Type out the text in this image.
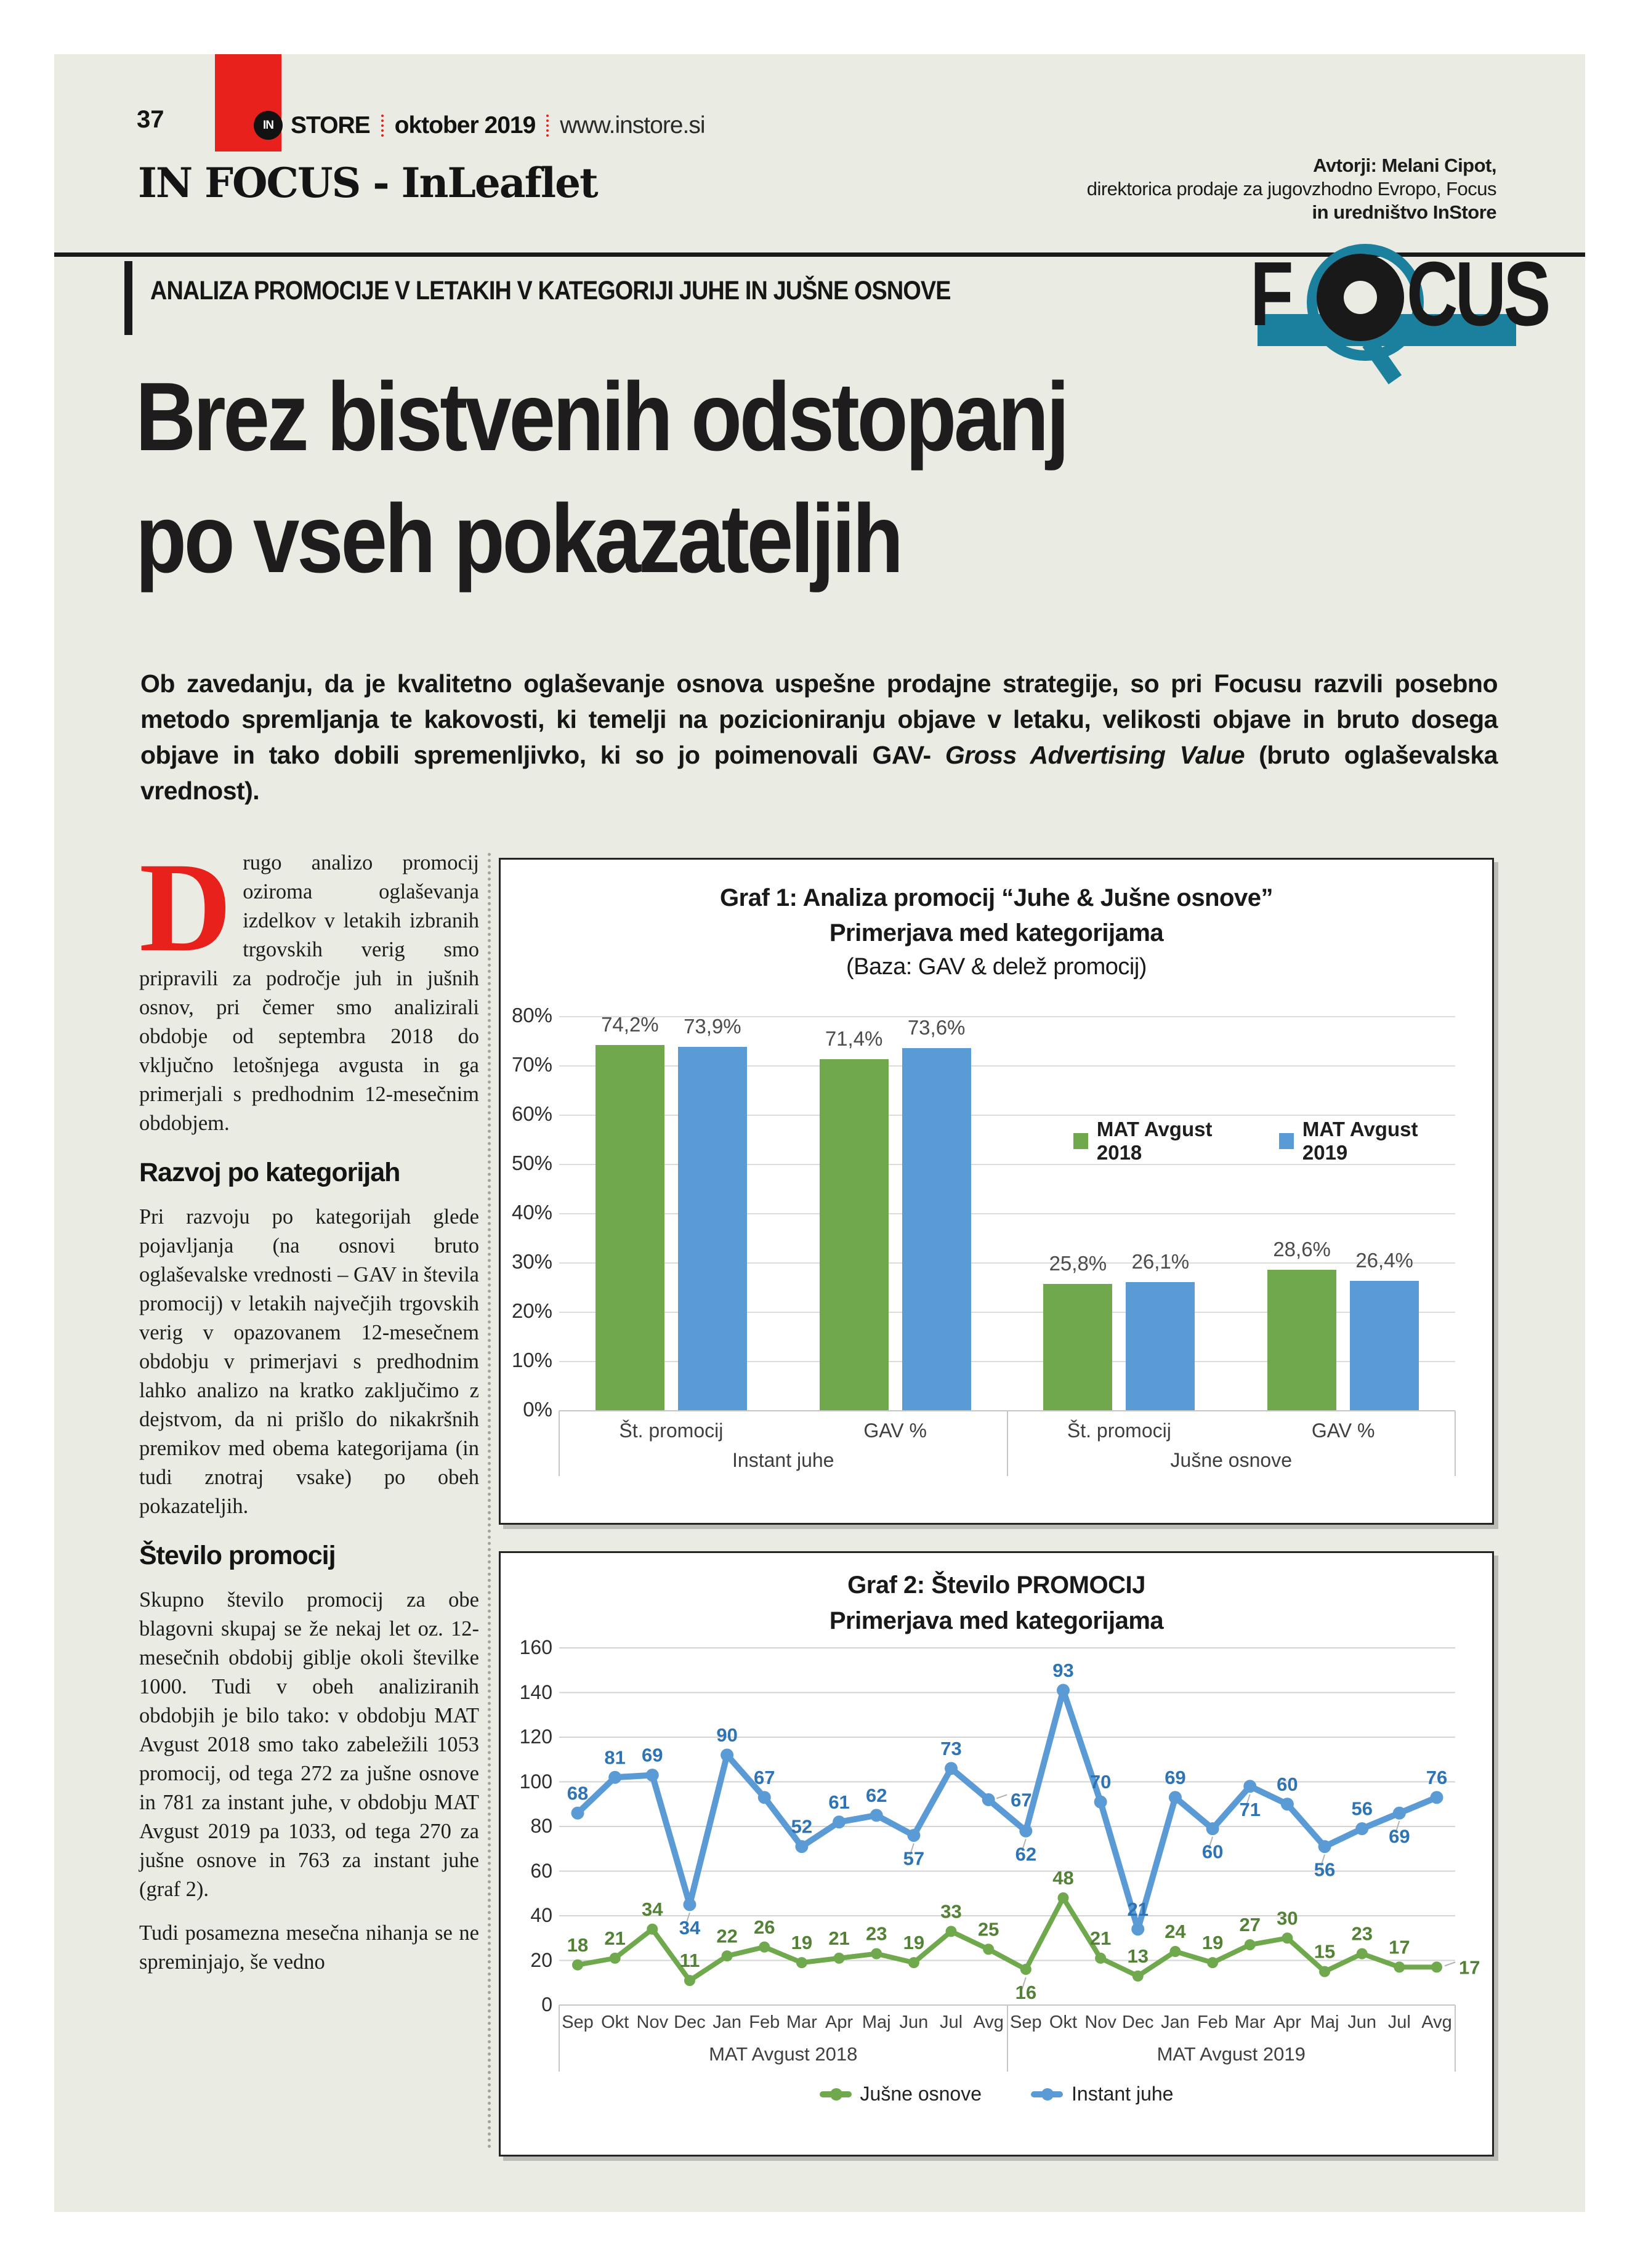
37	IN STORE oktober 2019 www.instore.si
IN FOCUS - InLeaflet	Avtorji: Melani Cipot,
direktorica prodaje za jugovzhodno Evropo, Focus
in uredništvo InStore
ANALIZA PROMOCIJE V LETAKIH V KATEGORIJI JUHE IN JUŠNE OSNOVE	F CUS
Brez bistvenih odstopanj
po vseh pokazateljih

Ob zavedanju, da je kvalitetno oglaševanje osnova uspešne prodajne strategije, so pri Focusu razvili posebno metodo spremljanja te kakovosti, ki temelji na pozicioniranju objave v letaku, velikosti objave in bruto dosega objave in tako dobili spremenljivko, ki so jo poimenovali GAV- Gross Advertising Value (bruto oglaševalska vrednost).

Drugo analizo promocij oziroma oglaševanja izdelkov v letakih izbranih trgovskih verig smo pripravili za področje juh in jušnih osnov, pri čemer smo analizirali obdobje od septembra 2018 do vključno letošnjega avgusta in ga primerjali s predhodnim 12-mesečnim obdobjem.

Razvoj po kategorijah

Pri razvoju po kategorijah glede pojavljanja (na osnovi bruto oglaševalske vrednosti – GAV in števila promocij) v letakih največjih trgovskih verig v opazovanem 12-mesečnem obdobju v primerjavi s predhodnim lahko analizo na kratko zaključimo z dejstvom, da ni prišlo do nikakršnih premikov med obema kategorijama (in tudi znotraj vsake) po obeh pokazateljih.

Število promocij

Skupno število promocij za obe blagovni skupaj se že nekaj let oz. 12-mesečnih obdobij giblje okoli številke 1000. Tudi v obeh analiziranih obdobjih je bilo tako: v obdobju MAT Avgust 2018 smo tako zabeležili 1053 promocij, od tega 272 za jušne osnove in 781 za instant juhe, v obdobju MAT Avgust 2019 pa 1033, od tega 270 za jušne osnove in 763 za instant juhe (graf 2).

Tudi posamezna mesečna nihanja se ne spreminjajo, še vedno

Graf 1: Analiza promocij “Juhe & Jušne osnove”
Primerjava med kategorijama
(Baza: GAV & delež promocij)
74,2%	73,9%
71,4%	73,6%
25,8%	26,1%
28,6%	26,4%
Št. promocij	GAV %	Št. promocij	GAV %
Instant juhe	Jušne osnove
MAT Avgust 2018
MAT Avgust 2019
80%
70%
60%
50%
40%
30%
20%
10%
0%
Graf 2: Število PROMOCIJ
Primerjava med kategorijama
18 21
34
11
22 26
19 21 23 19
33
25
16
48
21
13
24
19
27 30
15
23
17
17
68
81 69
34
90
67
52
61 62
57
73
67
62
93
70
21
69
60
71
60
56
56
69
76
Sep Okt Nov Dec Jan Feb Mar Apr Maj Jun Jul Avg Sep Okt Nov Dec Jan Feb Mar Apr Maj Jun Jul Avg
MAT Avgust 2018	MAT Avgust 2019
160
140
120
100
80
60
40
20
0
Jušne osnove	Instant juhe
